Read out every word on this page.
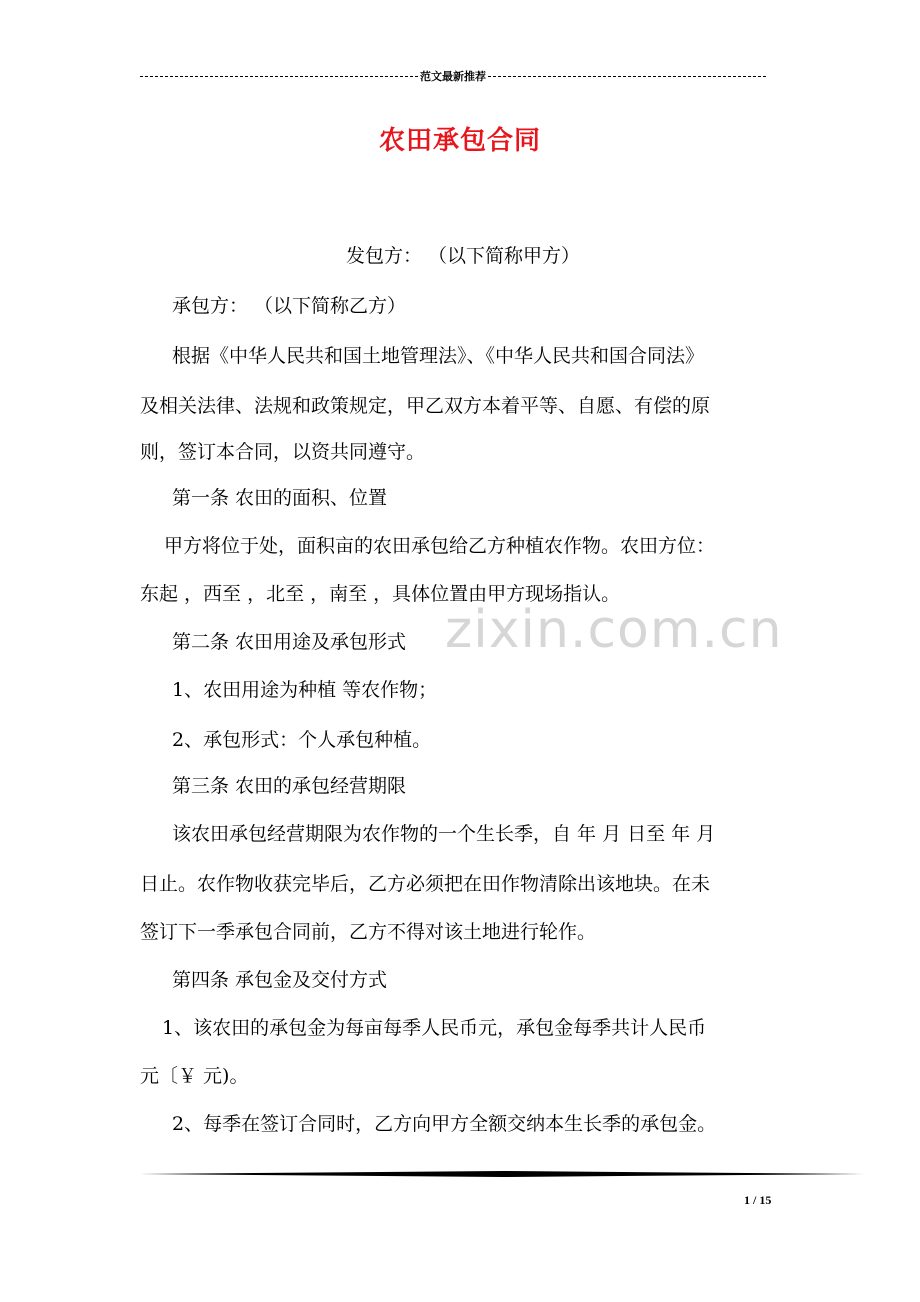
范文最新推荐
农田承包合同
zixin.com.cn
发包方： （以下简称甲方）
承包方： （以下简称乙方）
根据《中华人民共和国土地管理法》、《中华人民共和国合同法》
及相关法律、法规和政策规定，甲乙双方本着平等、自愿、有偿的原
则，签订本合同，以资共同遵守。
第一条 农田的面积、位置
甲方将位于处，面积亩的农田承包给乙方种植农作物。农田方位：
东起 ，西至 ，北至 ，南至 ，具体位置由甲方现场指认。
第二条 农田用途及承包形式
1、农田用途为种植 等农作物；
2、承包形式：个人承包种植。
第三条 农田的承包经营期限
该农田承包经营期限为农作物的一个生长季，自 年 月 日至 年 月
日止。农作物收获完毕后，乙方必须把在田作物清除出该地块。在未
签订下一季承包合同前，乙方不得对该土地进行轮作。
第四条 承包金及交付方式
1、该农田的承包金为每亩每季人民币元，承包金每季共计人民币
元〔￥ 元)。
2、每季在签订合同时，乙方向甲方全额交纳本生长季的承包金。
1 / 15
